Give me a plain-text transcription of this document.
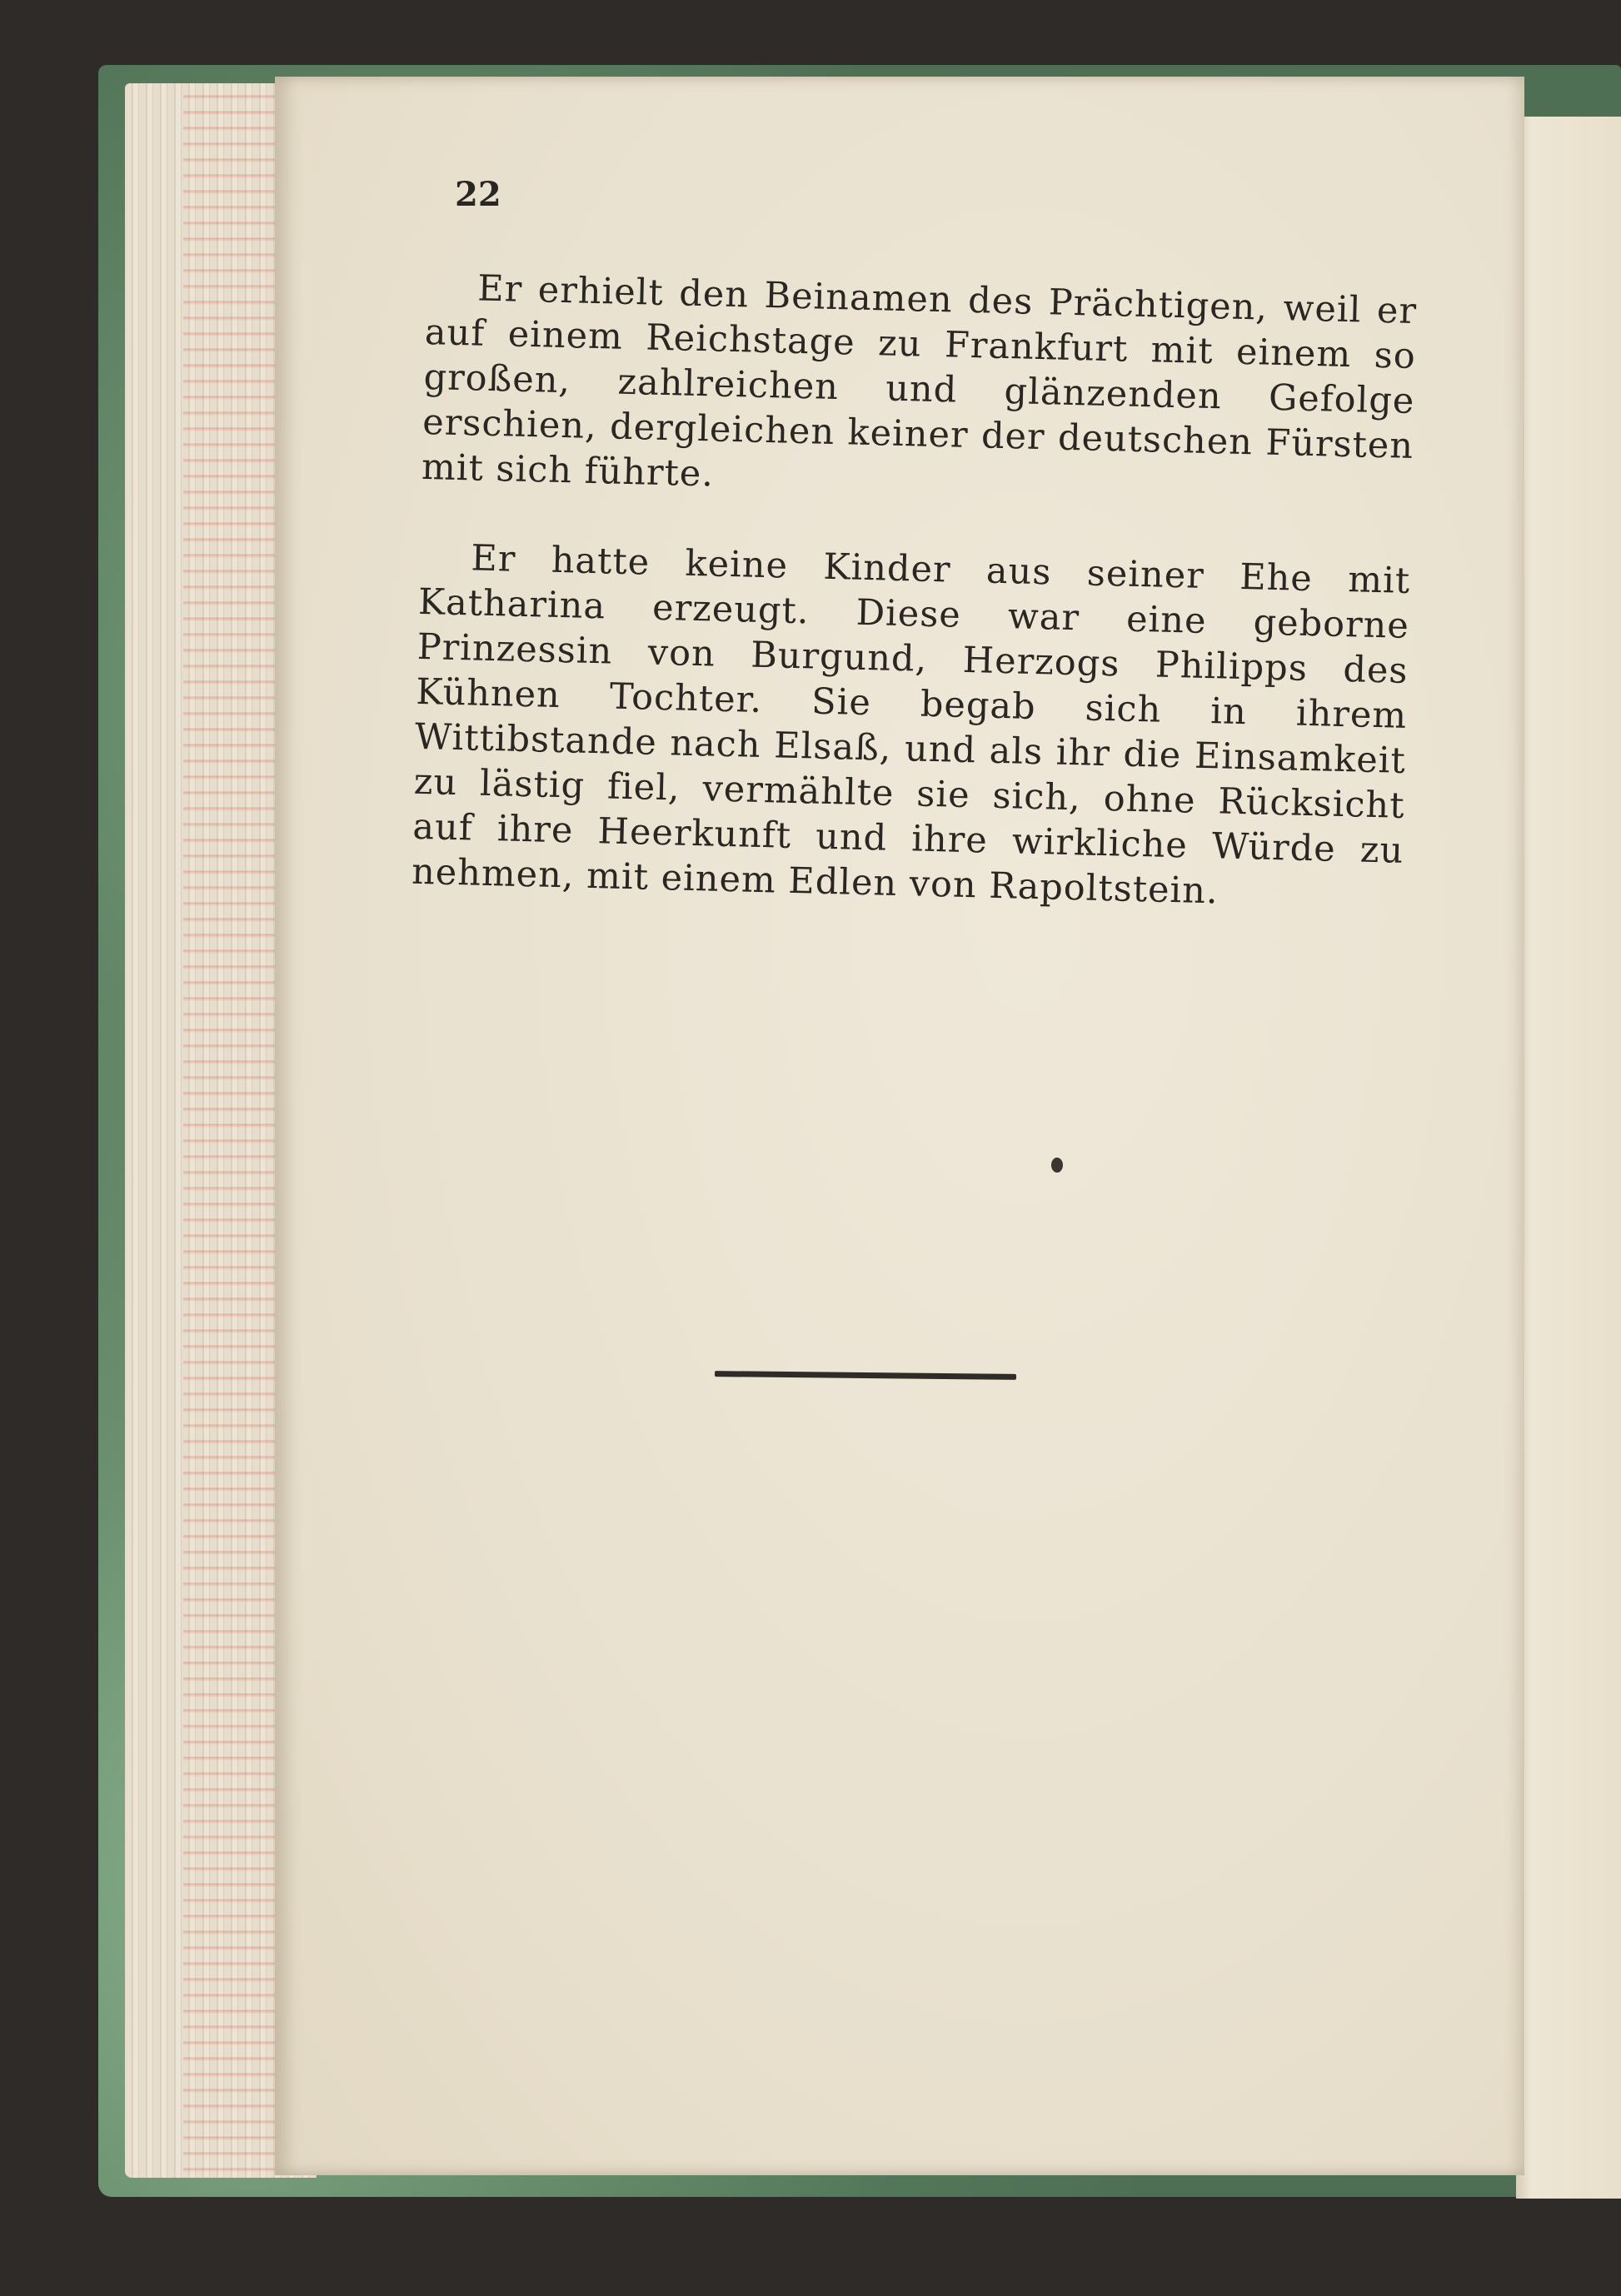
22

Er erhielt den Beinamen des Prächtigen, weil er auf einem Reichstage zu Frankfurt mit einem so großen, zahlreichen und glänzenden Gefolge erschien, dergleichen keiner der deutschen Fürsten mit sich führte.

Er hatte keine Kinder aus seiner Ehe mit Katharina erzeugt. Diese war eine geborne Prinzessin von Burgund, Herzogs Philipps des Kühnen Tochter. Sie begab sich in ihrem Wittibstande nach Elsaß, und als ihr die Einsamkeit zu lästig fiel, vermählte sie sich, ohne Rücksicht auf ihre Heerkunft und ihre wirkliche Würde zu nehmen, mit einem Edlen von Rapoltstein.
